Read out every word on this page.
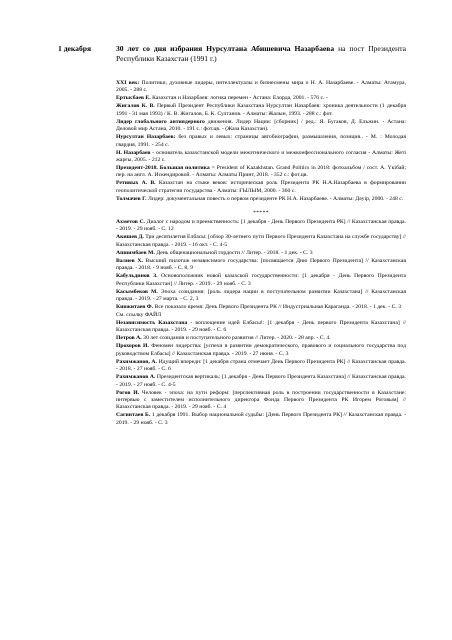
1 декабря	30 лет со дня избрания Нурсултана Абишевича Назарбаева на пост Президента Республики Казахстан (1991 г.)

XXI век: Политики, духовные лидеры, интеллектуалы и бизнесмены мира о Н. А. Назарбаеве. - Алматы: Атамура, 2005. - 288 с.

Ертысбаев Е. Казахстан и Назарбаев: логика перемен - Астана: Елорда, 2001. - 576 с. -

Жигалов К. В. Первый Президент Республики Казахстана Нурсултан Назарбаев: хроника деятельности (1 декабря 1991 - 31 мая 1993) / К. В. Жигалов, Б. К. Султанов. - Алматы: Жалын, 1993. - 288 с.: фот.

Лидер глобального антиядерного движения. Лидер Нации: [сборник] / ред.: Я. Бугаков, Д. Ельжин. - Астана: Деловой мир Астана, 2010. - 191 с.: фот.цв. - (Жаза Казахстан).

Нурсултан Назарбаев: без правых и левых: страницы автобиографии, размышления, позиция.. - М. : Молодая гвардия, 1991. - 254 с.

Н. Назарбаев - основатель казахстанской модели межэтнического и межконфессионального согласия - Алматы: Жеті жарғы, 2005. - 212 с.

Президент-2018. Большая политика = President of Kazakhstan. Grand Politics in 2018: фотоальбом / сост. А. Үкібай; пер. на англ. А. Искендировой. - Алматы: Алматы Принт, 2018. - 352 с.: фот.цв.

Ретивых А. В. Казахстан на стыке веков: историческая роль Президента РК Н.А.Назарбаева в формировании геополитической стратегии государства - Алматы: ҒЫЛЫМ, 2000. - 360 с.

Толмачев Г. Лидер: документальная повесть о первом президенте РК Н.А. Назарбаеве. - Алматы: Дәуір, 2000. - 248 с.

*****

Ахметов С. Диалог с народом и преемственность: [1 декабря - День Первого Президента РК] // Казахстанская правда. - 2019. - 29 нояб. - С. 12

Акишев Д. Три десятилетия Елбасы: [обзор 30-летнего пути Первого Президента Казахстана на службе государству] // Казахстанская правда. - 2019. - 16 окт. - С. 4-5

Апшимбаев М. День общенациональной гордости // Литер. - 2018. - 1 дек. - С. 3

Валиев Х. Высший пилотаж независимого государства: [посвящается Дню Первого Президента] // Казахстанская правда. - 2018. - 9 нояб. - С. 8, 9

Кабульдинов З. Основоположник новой казахской государственности: [1 декабря - День Первого Президента Республики Казахстан] // Литер. - 2019. - 29 нояб. - С. 3

Касымбеков М. Эпоха созидания: [роль лидера нации в поступательном развитии Казахстана] // Казахстанская правда. - 2019. - 27 марта. - С. 2, 3

Кинжитаев Ф. Все показало время: День Первого Президента РК // Индустриальная Караганда. - 2018. - 1 дек. - С. 3

См. ссылку ФАЙЛ

Независимость Казахстана - воплощение идей Елбасы!: [1 декабря - День первого Президента Казахстана] // Казахстанская правда. - 2019. - 29 нояб. - С. 6

Петров А. 30 лет созидания и поступательного развития // Литер. - 2020. - 28 апр. - С. 4.

Прохоров И. Феномен лидерства: [успехи в развитии демократического, правового и социального государства под руководством Елбасы] // Казахстанская правда. - 2019. - 27 июня. - С. 3

Рахимжанов, А. Идущий впереди: [1 декабря страна отмечает День Первого Президента РК] // Казахстанская правда. - 2018. - 27 нояб. - С. 6

Рахимжанов А. Президентская вертикаль: [1 декабря - День Первого Президента Казахстана] // Казахстанская правда. - 2019. - 27 нояб. - С. 4-5

Рогов И. Человек - эпоха: на пути реформ: [перспективная роль в построении государственности в Казахстане: интервью с заместителем исполнительного директора Фонда Первого Президента РК Игорем Роговым] // Казахстанская правда. - 2019. - 29 нояб. - С. 4

Сагинтаев Б. 1 декабря 1991. Выбор национальной судьбы: [День Первого Президента РК] // Казахстанская правда. - 2019. - 29 нояб. - С. 3
